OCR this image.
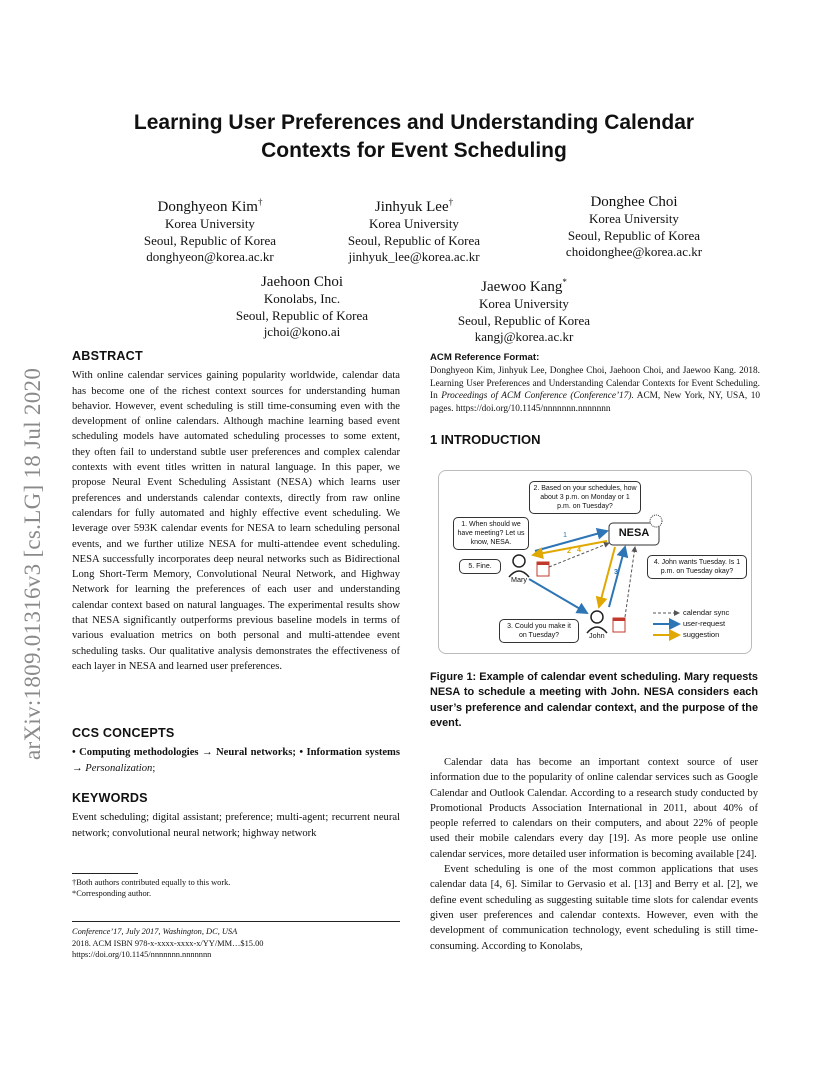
arXiv:1809.01316v3 [cs.LG] 18 Jul 2020
Learning User Preferences and Understanding Calendar
Contexts for Event Scheduling
Donghyeon Kim†
Korea University
Seoul, Republic of Korea
donghyeon@korea.ac.kr
Jinhyuk Lee†
Korea University
Seoul, Republic of Korea
jinhyuk_lee@korea.ac.kr
Donghee Choi
Korea University
Seoul, Republic of Korea
choidonghee@korea.ac.kr
Jaehoon Choi
Konolabs, Inc.
Seoul, Republic of Korea
jchoi@kono.ai
Jaewoo Kang*
Korea University
Seoul, Republic of Korea
kangj@korea.ac.kr
ABSTRACT
With online calendar services gaining popularity worldwide, calendar data has become one of the richest context sources for understanding human behavior. However, event scheduling is still time-consuming even with the development of online calendars. Although machine learning based event scheduling models have automated scheduling processes to some extent, they often fail to understand subtle user preferences and complex calendar contexts with event titles written in natural language. In this paper, we propose Neural Event Scheduling Assistant (NESA) which learns user preferences and understands calendar contexts, directly from raw online calendars for fully automated and highly effective event scheduling. We leverage over 593K calendar events for NESA to learn scheduling personal events, and we further utilize NESA for multi-attendee event scheduling. NESA successfully incorporates deep neural networks such as Bidirectional Long Short-Term Memory, Convolutional Neural Network, and Highway Network for learning the preferences of each user and understanding calendar context based on natural languages. The experimental results show that NESA significantly outperforms previous baseline models in terms of various evaluation metrics on both personal and multi-attendee event scheduling tasks. Our qualitative analysis demonstrates the effectiveness of each layer in NESA and learned user preferences.
CCS CONCEPTS
• Computing methodologies → Neural networks; • Information systems → Personalization;
KEYWORDS
Event scheduling; digital assistant; preference; multi-agent; recurrent neural network; convolutional neural network; highway network
†Both authors contributed equally to this work.
*Corresponding author.
Conference’17, July 2017, Washington, DC, USA
2018. ACM ISBN 978-x-xxxx-xxxx-x/YY/MM…$15.00
https://doi.org/10.1145/nnnnnnn.nnnnnnn
ACM Reference Format:
Donghyeon Kim, Jinhyuk Lee, Donghee Choi, Jaehoon Choi, and Jaewoo Kang. 2018. Learning User Preferences and Understanding Calendar Contexts for Event Scheduling. In Proceedings of ACM Conference (Conference’17). ACM, New York, NY, USA, 10 pages. https://doi.org/10.1145/nnnnnnn.nnnnnnn
1 INTRODUCTION
NESA
Mary
John
2. Based on your schedules, how about 3 p.m. on Monday or 1 p.m. on Tuesday?
1. When should we have meeting? Let us know, NESA.
5. Fine.
4. John wants Tuesday. Is 1 p.m. on Tuesday okay?
3. Could you make it on Tuesday?
1
2
3
4
calendar sync
user-request
suggestion
Figure 1: Example of calendar event scheduling. Mary requests NESA to schedule a meeting with John. NESA considers each user’s preference and calendar context, and the purpose of the event.
Calendar data has become an important context source of user information due to the popularity of online calendar services such as Google Calendar and Outlook Calendar. According to a research study conducted by Promotional Products Association International in 2011, about 40% of people referred to calendars on their computers, and about 22% of people used their mobile calendars every day [19]. As more people use online calendar services, more detailed user information is becoming available [24].
Event scheduling is one of the most common applications that uses calendar data [4, 6]. Similar to Gervasio et al. [13] and Berry et al. [2], we define event scheduling as suggesting suitable time slots for calendar events given user preferences and calendar contexts. However, even with the development of communication technology, event scheduling is still time-consuming. According to Konolabs,
